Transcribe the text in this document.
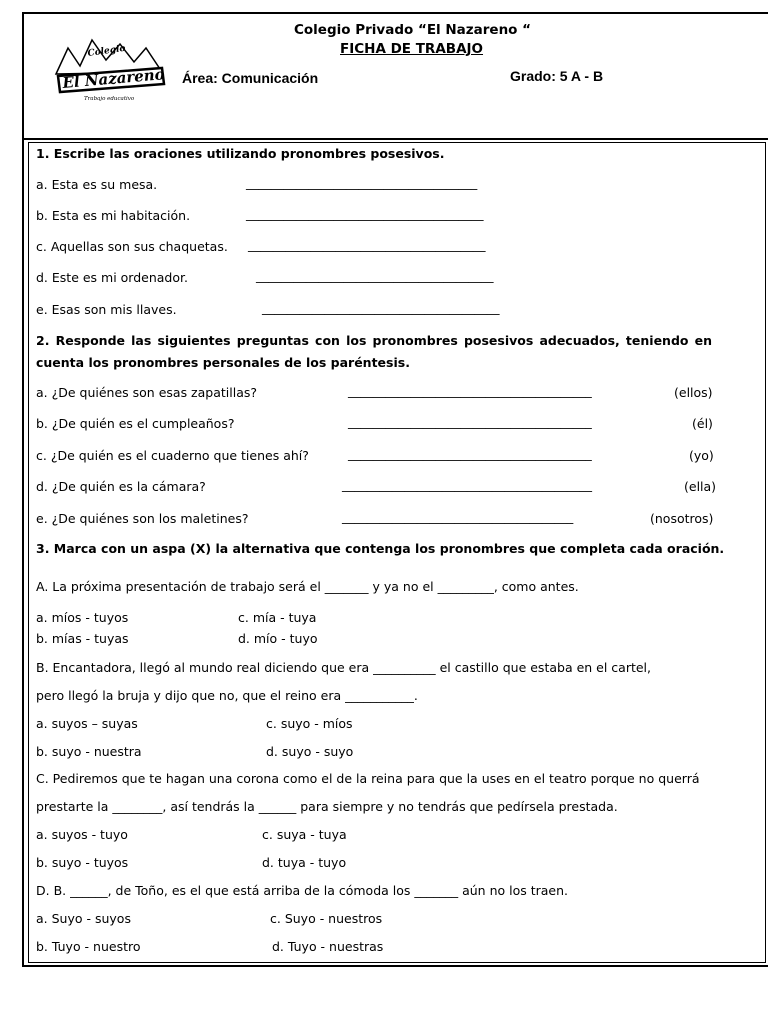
Colegio
El Nazareno
Trabajo educativo
Colegio Privado “El Nazareno “
FICHA DE TRABAJO
Área: Comunicación	Grado: 5 A - B
1. Escribe las oraciones utilizando pronombres posesivos.
a. Esta es su mesa.	_____________________________________
b. Esta es mi habitación.	______________________________________
c. Aquellas son sus chaquetas. ______________________________________
d. Este es mi ordenador.	______________________________________
e. Esas son mis llaves.	______________________________________
2. Responde las siguientes preguntas con los pronombres posesivos adecuados, teniendo en cuenta los pronombres personales de los paréntesis.
a. ¿De quiénes son esas zapatillas?	_______________________________________	(ellos)
b. ¿De quién es el cumpleaños?	_______________________________________	(él)
c. ¿De quién es el cuaderno que tienes ahí?	_______________________________________	(yo)
d. ¿De quién es la cámara?	________________________________________	(ella)
e. ¿De quiénes son los maletines?	_____________________________________	(nosotros)
3. Marca con un aspa (X) la alternativa que contenga los pronombres que completa cada oración.
A. La próxima presentación de trabajo será el _______ y ya no el _________, como antes.
a. míos - tuyos	c. mía - tuya
b. mías - tuyas	d. mío - tuyo
B. Encantadora, llegó al mundo real diciendo que era __________ el castillo que estaba en el cartel,
pero llegó la bruja y dijo que no, que el reino era ___________.
a. suyos – suyas	c. suyo - míos
b. suyo - nuestra	d. suyo - suyo
C. Pediremos que te hagan una corona como el de la reina para que la uses en el teatro porque no querrá
prestarte la ________, así tendrás la ______ para siempre y no tendrás que pedírsela prestada.
a. suyos - tuyo	c. suya - tuya
b. suyo - tuyos	d. tuya - tuyo
D. B. ______, de Toño, es el que está arriba de la cómoda los _______ aún no los traen.
a. Suyo - suyos	c. Suyo - nuestros
b. Tuyo - nuestro	d. Tuyo - nuestras
